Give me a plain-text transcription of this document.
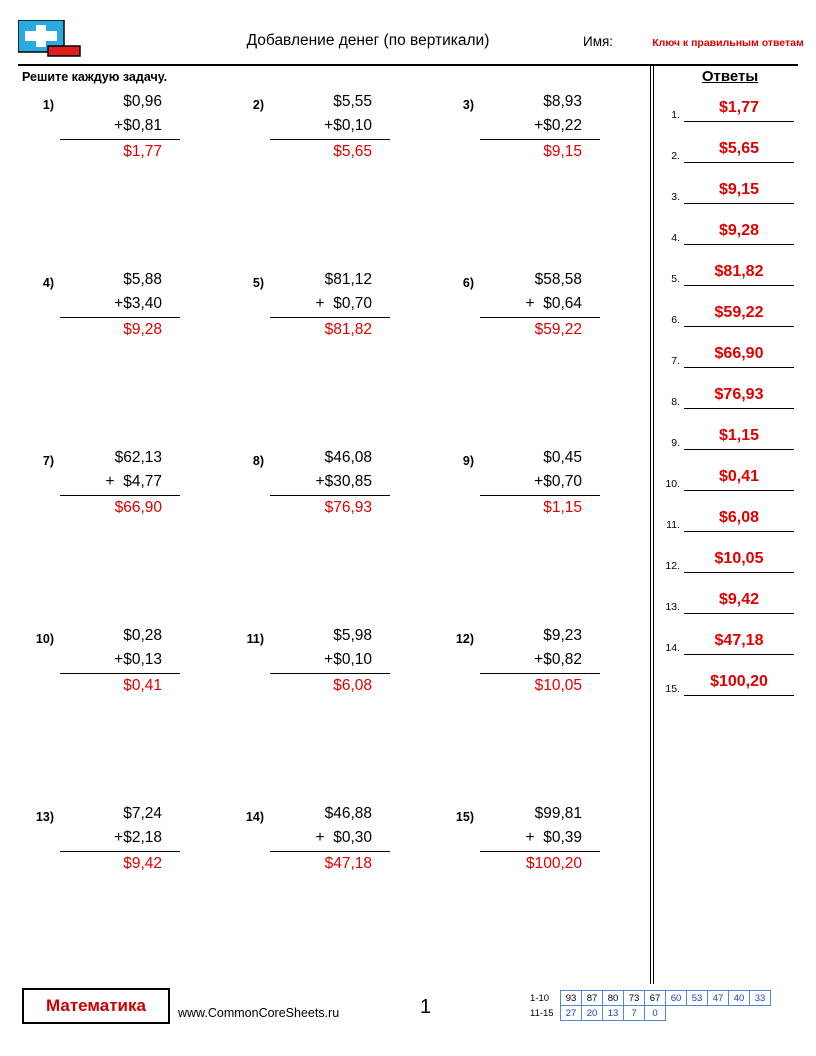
Добавление денег (по вертикали)	Имя:	Ключ к правильным ответам
Решите каждую задачу.
1)	$0,96
+$0,81
$1,77
2)	$5,55
+$0,10
$5,65
3)	$8,93
+$0,22
$9,15
4)	$5,88
+$3,40
$9,28
5)	$81,12
+  $0,70
$81,82
6)	$58,58
+  $0,64
$59,22
7)	$62,13
+  $4,77
$66,90
8)	$46,08
+$30,85
$76,93
9)	$0,45
+$0,70
$1,15
10)	$0,28
+$0,13
$0,41
11)	$5,98
+$0,10
$6,08
12)	$9,23
+$0,82
$10,05
13)	$7,24
+$2,18
$9,42
14)	$46,88
+  $0,30
$47,18
15)	$99,81
+  $0,39
$100,20
Ответы
1.	$1,77
2.	$5,65
3.	$9,15
4.	$9,28
5.	$81,82
6.	$59,22
7.	$66,90
8.	$76,93
9.	$1,15
10.	$0,41
11.	$6,08
12.	$10,05
13.	$9,42
14.	$47,18
15.	$100,20
Математика	www.CommonCoreSheets.ru	1	1-10	93	87	80	73	67	60	53	47	40	33
11-15	27	20	13	7	0					
